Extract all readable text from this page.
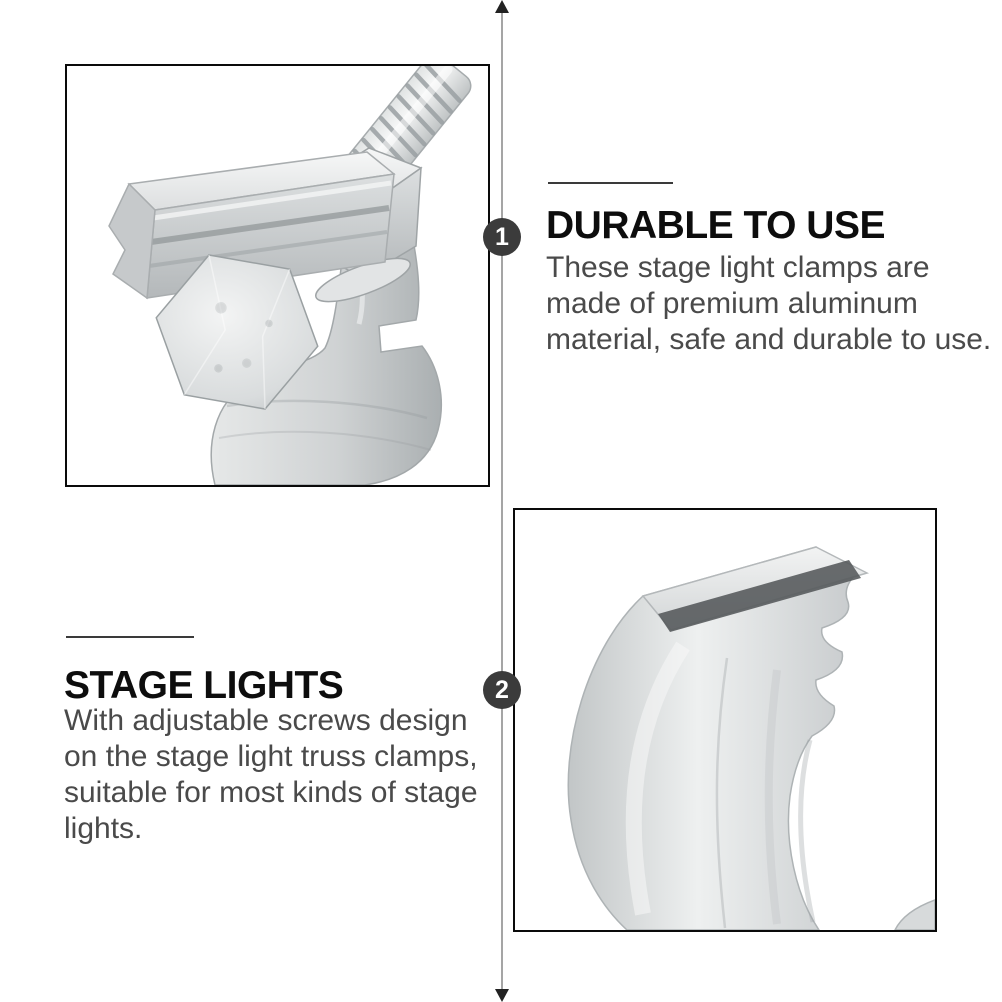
1 DURABLE TO USE
These stage light clamps are
made of premium aluminum
material, safe and durable to use.
2
STAGE LIGHTS
With adjustable screws design
on the stage light truss clamps,
suitable for most kinds of stage
lights.
